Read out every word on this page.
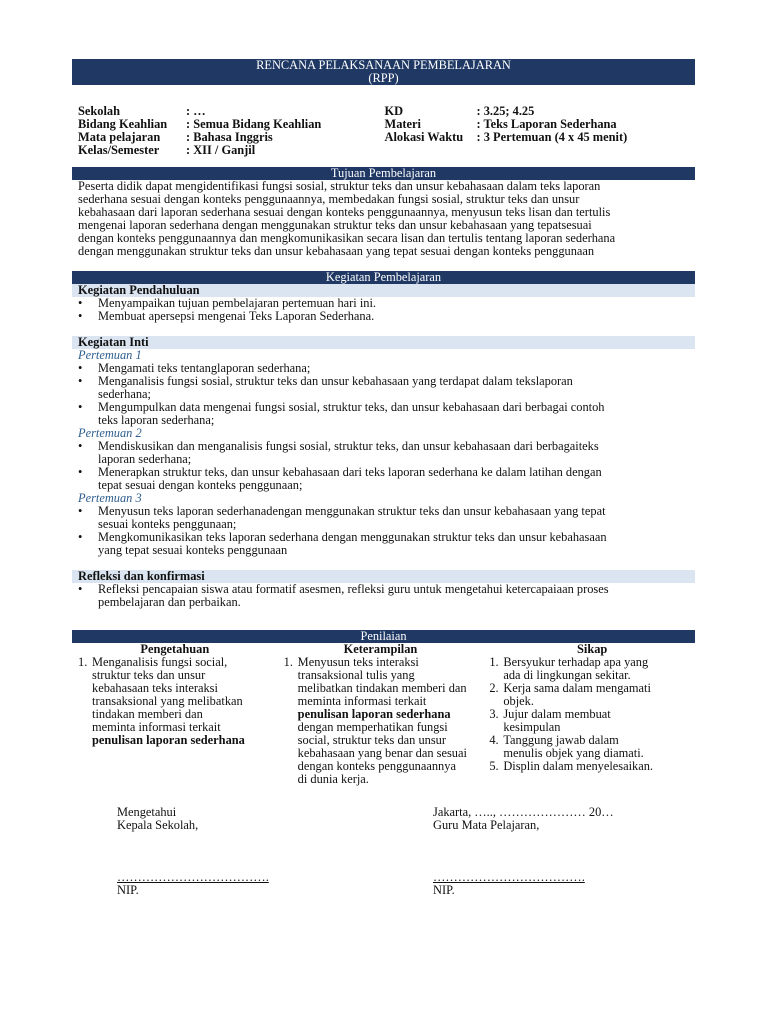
RENCANA PELAKSANAAN PEMBELAJARAN
(RPP)
Sekolah	: …
Bidang Keahlian	: Semua Bidang Keahlian
Mata pelajaran	: Bahasa Inggris
Kelas/Semester	: XII / Ganjil
KD	: 3.25; 4.25
Materi	: Teks Laporan Sederhana
Alokasi Waktu	: 3 Pertemuan (4 x 45 menit)
Tujuan Pembelajaran
Peserta didik dapat mengidentifikasi fungsi sosial, struktur teks dan unsur kebahasaan dalam teks laporan
sederhana sesuai dengan konteks penggunaannya, membedakan fungsi sosial, struktur teks dan unsur
kebahasaan dari laporan sederhana sesuai dengan konteks penggunaannya, menyusun teks lisan dan tertulis
mengenai laporan sederhana dengan menggunakan struktur teks dan unsur kebahasaan yang tepatsesuai
dengan konteks penggunaannya dan mengkomunikasikan secara lisan dan tertulis tentang laporan sederhana
dengan menggunakan struktur teks dan unsur kebahasaan yang tepat sesuai dengan konteks penggunaan
Kegiatan Pembelajaran
Kegiatan Pendahuluan
• Menyampaikan tujuan pembelajaran pertemuan hari ini.
• Membuat apersepsi mengenai Teks Laporan Sederhana.
Kegiatan Inti
Pertemuan 1
• Mengamati teks tentanglaporan sederhana;
• Menganalisis fungsi sosial, struktur teks dan unsur kebahasaan yang terdapat dalam tekslaporan
sederhana;
• Mengumpulkan data mengenai fungsi sosial, struktur teks, dan unsur kebahasaan dari berbagai contoh
teks laporan sederhana;
Pertemuan 2
• Mendiskusikan dan menganalisis fungsi sosial, struktur teks, dan unsur kebahasaan dari berbagaiteks
laporan sederhana;
• Menerapkan struktur teks, dan unsur kebahasaan dari teks laporan sederhana ke dalam latihan dengan
tepat sesuai dengan konteks penggunaan;
Pertemuan 3
• Menyusun teks laporan sederhanadengan menggunakan struktur teks dan unsur kebahasaan yang tepat
sesuai konteks penggunaan;
• Mengkomunikasikan teks laporan sederhana dengan menggunakan struktur teks dan unsur kebahasaan
yang tepat sesuai konteks penggunaan
Refleksi dan konfirmasi
• Refleksi pencapaian siswa atau formatif asesmen, refleksi guru untuk mengetahui ketercapaiaan proses
pembelajaran dan perbaikan.
Penilaian
Pengetahuan
1. Menganalisis fungsi social,
struktur teks dan unsur
kebahasaan teks interaksi
transaksional yang melibatkan
tindakan memberi dan
meminta informasi terkait
penulisan laporan sederhana
Keterampilan
1. Menyusun teks interaksi
transaksional tulis yang
melibatkan tindakan memberi dan
meminta informasi terkait
penulisan laporan sederhana
dengan memperhatikan fungsi
social, struktur teks dan unsur
kebahasaan yang benar dan sesuai
dengan konteks penggunaannya
di dunia kerja.
Sikap
1. Bersyukur terhadap apa yang
ada di lingkungan sekitar.
2. Kerja sama dalam mengamati
objek.
3. Jujur dalam membuat
kesimpulan
4. Tanggung jawab dalam
menulis objek yang diamati.
5. Displin dalam menyelesaikan.
Mengetahui
Kepala Sekolah,
……………………………….
NIP.
Jakarta, ….., ………………… 20…
Guru Mata Pelajaran,
……………………………….
NIP.
